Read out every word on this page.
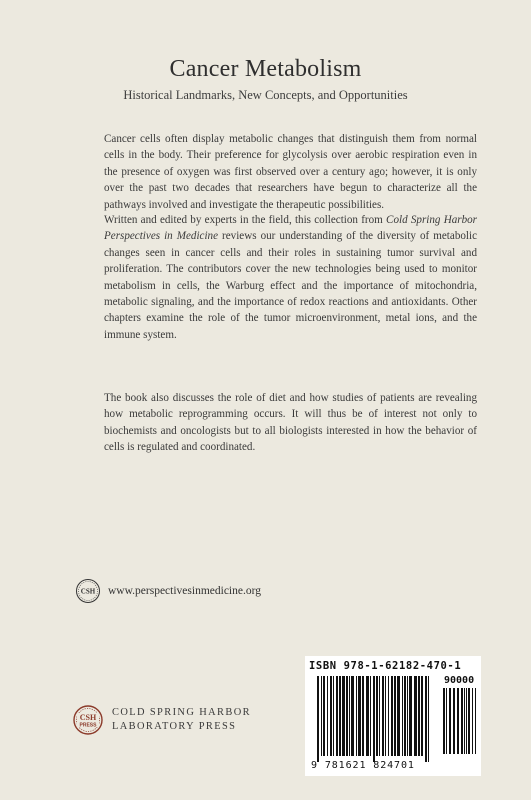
Cancer Metabolism
Historical Landmarks, New Concepts, and Opportunities

Cancer cells often display metabolic changes that distinguish them from normal cells in the body. Their preference for glycolysis over aerobic respiration even in the presence of oxygen was first observed over a century ago; however, it is only over the past two decades that researchers have begun to characterize all the pathways involved and investigate the therapeutic possibilities.

Written and edited by experts in the field, this collection from Cold Spring Harbor Perspectives in Medicine reviews our understanding of the diversity of metabolic changes seen in cancer cells and their roles in sustaining tumor survival and proliferation. The contributors cover the new technologies being used to monitor metabolism in cells, the Warburg effect and the importance of mitochondria, metabolic signaling, and the importance of redox reactions and antioxidants. Other chapters examine the role of the tumor microenvironment, metal ions, and the immune system.

The book also discusses the role of diet and how studies of patients are revealing how metabolic reprogramming occurs. It will thus be of interest not only to biochemists and oncologists but to all biologists interested in how the behavior of cells is regulated and coordinated.

CSH www.perspectivesinmedicine.org
CSH
PRESS
COLD SPRING HARBOR
LABORATORY PRESS
ISBN 978-1-62182-470-1
90000
9 781621 824701
